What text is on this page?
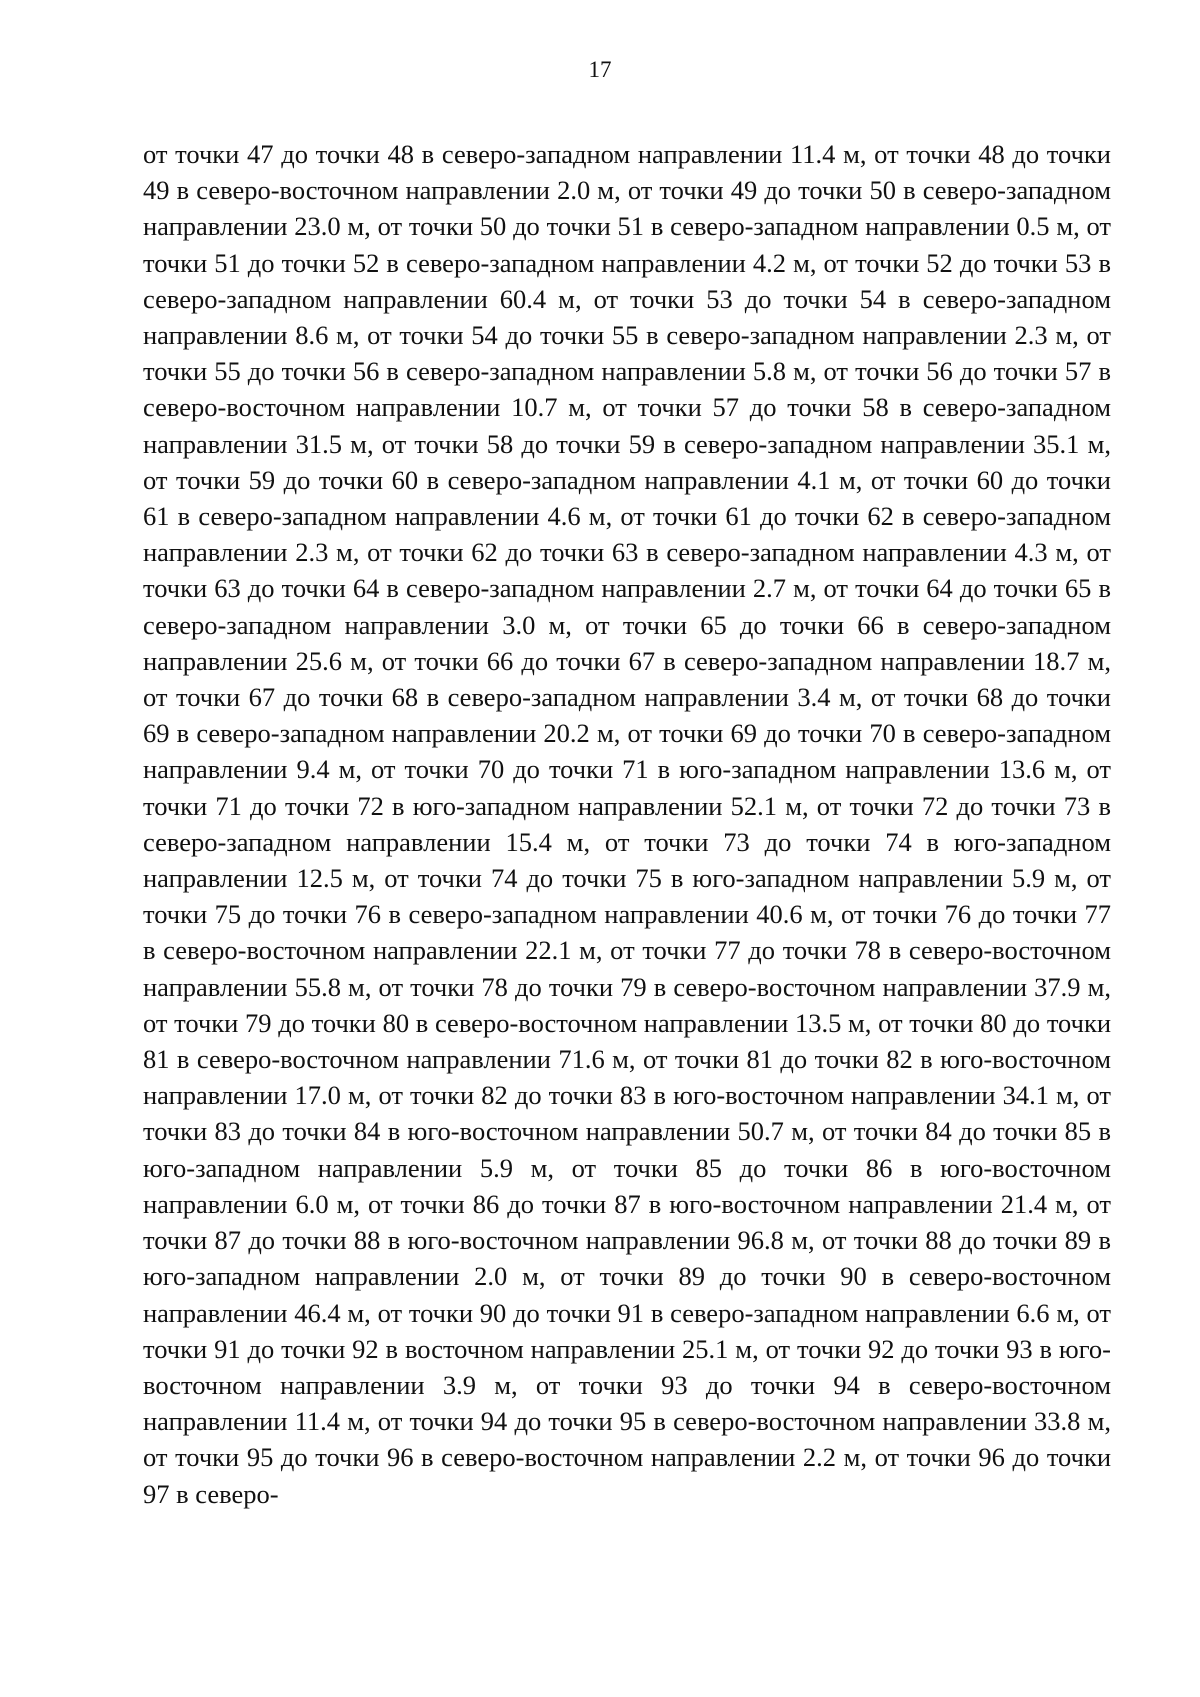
17

от точки 47 до точки 48 в северо-западном направлении 11.4 м, от точки 48 до точки 49 в северо-восточном направлении 2.0 м, от точки 49 до точки 50 в северо-западном направлении 23.0 м, от точки 50 до точки 51 в северо-западном направлении 0.5 м, от точки 51 до точки 52 в северо-западном направлении 4.2 м, от точки 52 до точки 53 в северо-западном направлении 60.4 м, от точки 53 до точки 54 в северо-западном направлении 8.6 м, от точки 54 до точки 55 в северо-западном направлении 2.3 м, от точки 55 до точки 56 в северо-западном направлении 5.8 м, от точки 56 до точки 57 в северо-восточном направлении 10.7 м, от точки 57 до точки 58 в северо-западном направлении 31.5 м, от точки 58 до точки 59 в северо-западном направлении 35.1 м, от точки 59 до точки 60 в северо-западном направлении 4.1 м, от точки 60 до точки 61 в северо-западном направлении 4.6 м, от точки 61 до точки 62 в северо-западном направлении 2.3 м, от точки 62 до точки 63 в северо-западном направлении 4.3 м, от точки 63 до точки 64 в северо-западном направлении 2.7 м, от точки 64 до точки 65 в северо-западном направлении 3.0 м, от точки 65 до точки 66 в северо-западном направлении 25.6 м, от точки 66 до точки 67 в северо-западном направлении 18.7 м, от точки 67 до точки 68 в северо-западном направлении 3.4 м, от точки 68 до точки 69 в северо-западном направлении 20.2 м, от точки 69 до точки 70 в северо-западном направлении 9.4 м, от точки 70 до точки 71 в юго-западном направлении 13.6 м, от точки 71 до точки 72 в юго-западном направлении 52.1 м, от точки 72 до точки 73 в северо-западном направлении 15.4 м, от точки 73 до точки 74 в юго-западном направлении 12.5 м, от точки 74 до точки 75 в юго-западном направлении 5.9 м, от точки 75 до точки 76 в северо-западном направлении 40.6 м, от точки 76 до точки 77 в северо-восточном направлении 22.1 м, от точки 77 до точки 78 в северо-восточном направлении 55.8 м, от точки 78 до точки 79 в северо-восточном направлении 37.9 м, от точки 79 до точки 80 в северо-восточном направлении 13.5 м, от точки 80 до точки 81 в северо-восточном направлении 71.6 м, от точки 81 до точки 82 в юго-восточном направлении 17.0 м, от точки 82 до точки 83 в юго-восточном направлении 34.1 м, от точки 83 до точки 84 в юго-восточном направлении 50.7 м, от точки 84 до точки 85 в юго-западном направлении 5.9 м, от точки 85 до точки 86 в юго-восточном направлении 6.0 м, от точки 86 до точки 87 в юго-восточном направлении 21.4 м, от точки 87 до точки 88 в юго-восточном направлении 96.8 м, от точки 88 до точки 89 в юго-западном направлении 2.0 м, от точки 89 до точки 90 в северо-восточном направлении 46.4 м, от точки 90 до точки 91 в северо-западном направлении 6.6 м, от точки 91 до точки 92 в восточном направлении 25.1 м, от точки 92 до точки 93 в юго-восточном направлении 3.9 м, от точки 93 до точки 94 в северо-восточном направлении 11.4 м, от точки 94 до точки 95 в северо-восточном направлении 33.8 м, от точки 95 до точки 96 в северо-восточном направлении 2.2 м, от точки 96 до точки 97 в северо-
